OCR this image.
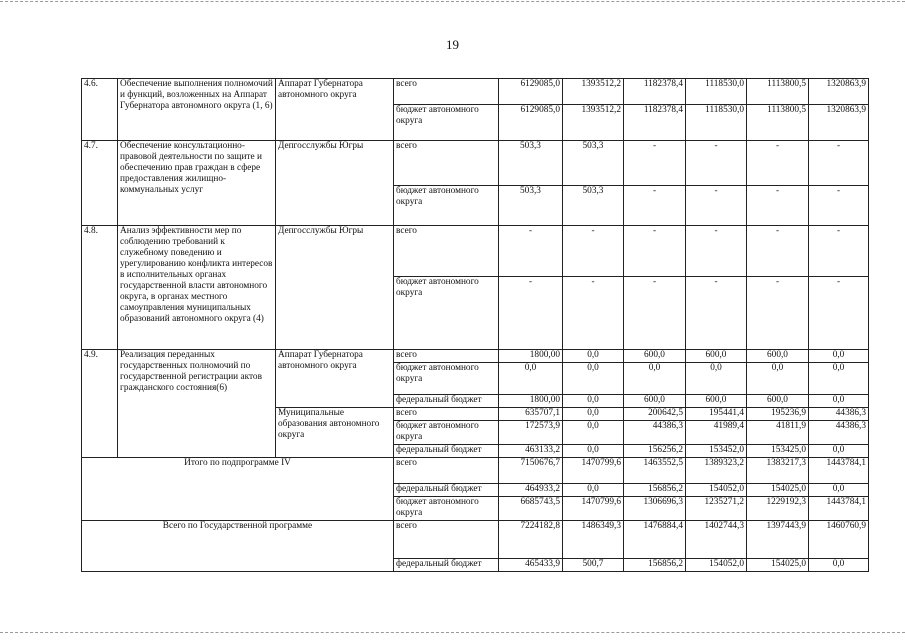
19
4.6.	Обеспечение выполнения полномочий и функций, возложенных на Аппарат Губернатора автономного округа (1, 6)	Аппарат Губернатора автономного округа	всего	6129085,0	1393512,2	1182378,4	1118530,0	1113800,5	1320863,9
			бюджет автономного округа	6129085,0	1393512,2	1182378,4	1118530,0	1113800,5	1320863,9
4.7.	Обеспечение консультационно-правовой деятельности по защите и обеспечению прав граждан в сфере предоставления жилищно-коммунальных услуг	Депгосслужбы Югры	всего	503,3	503,3	-	-	-	-
			бюджет автономного округа	503,3	503,3	-	-	-	-
4.8.	Анализ эффективности мер по соблюдению требований к служебному поведению и урегулированию конфликта интересов в исполнительных органах государственной власти автономного округа, в органах местного самоуправления муниципальных образований автономного округа (4)	Депгосслужбы Югры	всего	-	-	-	-	-	-
			бюджет автономного округа	-	-	-	-	-	-
4.9.	Реализация переданных государственных полномочий по государственной регистрации актов гражданского состояния(6)	Аппарат Губернатора автономного округа	всего	1800,00	0,0	600,0	600,0	600,0	0,0
			бюджет автономного округа	0,0	0,0	0,0	0,0	0,0	0,0
			федеральный бюджет	1800,00	0,0	600,0	600,0	600,0	0,0
		Муниципальные образования автономного округа	всего	635707,1	0,0	200642,5	195441,4	195236,9	44386,3
			бюджет автономного округа	172573,9	0,0	44386,3	41989,4	41811,9	44386,3
			федеральный бюджет	463133,2	0,0	156256,2	153452,0	153425,0	0,0
Итого по подпрограмме IV			всего	7150676,7	1470799,6	1463552,5	1389323,2	1383217,3	1443784,1
			федеральный бюджет	464933,2	0,0	156856,2	154052,0	154025,0	0,0
			бюджет автономного округа	6685743,5	1470799,6	1306696,3	1235271,2	1229192,3	1443784,1
Всего по Государственной программе			всего	7224182,8	1486349,3	1476884,4	1402744,3	1397443,9	1460760,9
			федеральный бюджет	465433,9	500,7	156856,2	154052,0	154025,0	0,0
